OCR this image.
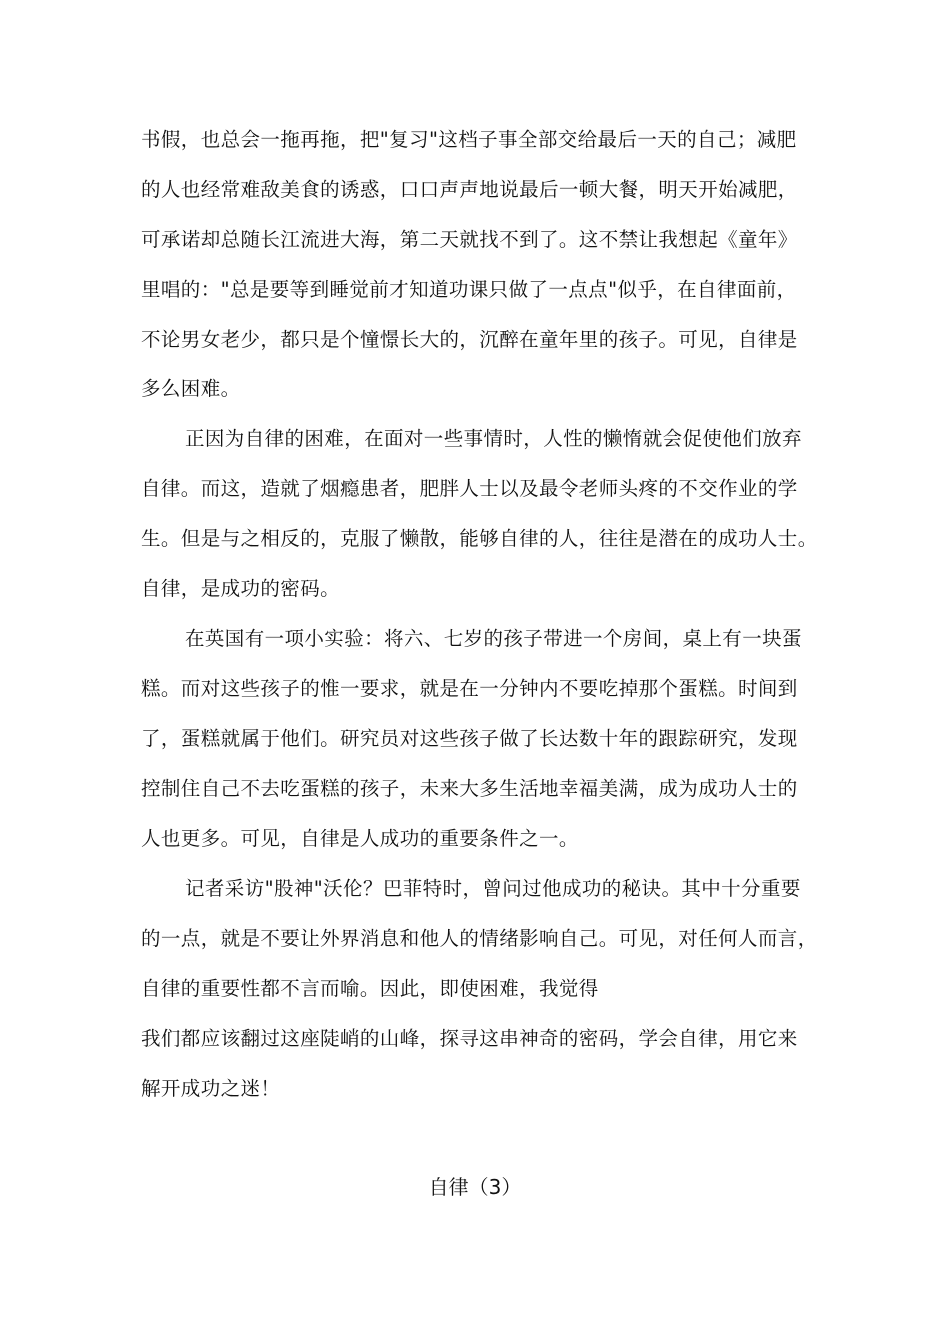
书假，也总会一拖再拖，把"复习"这档子事全部交给最后一天的自己；减肥
的人也经常难敌美食的诱惑，口口声声地说最后一顿大餐，明天开始减肥，
可承诺却总随长江流进大海，第二天就找不到了。这不禁让我想起《童年》
里唱的："总是要等到睡觉前才知道功课只做了一点点"似乎，在自律面前，
不论男女老少，都只是个憧憬长大的，沉醉在童年里的孩子。可见，自律是
多么困难。
正因为自律的困难，在面对一些事情时，人性的懒惰就会促使他们放弃
自律。而这，造就了烟瘾患者，肥胖人士以及最令老师头疼的不交作业的学
生。但是与之相反的，克服了懒散，能够自律的人，往往是潜在的成功人士。
自律，是成功的密码。
在英国有一项小实验：将六、七岁的孩子带进一个房间，桌上有一块蛋
糕。而对这些孩子的惟一要求，就是在一分钟内不要吃掉那个蛋糕。时间到
了，蛋糕就属于他们。研究员对这些孩子做了长达数十年的跟踪研究，发现
控制住自己不去吃蛋糕的孩子，未来大多生活地幸福美满，成为成功人士的
人也更多。可见，自律是人成功的重要条件之一。
记者采访"股神"沃伦？巴菲特时，曾问过他成功的秘诀。其中十分重要
的一点，就是不要让外界消息和他人的情绪影响自己。可见，对任何人而言，
自律的重要性都不言而喻。因此，即使困难，我觉得
我们都应该翻过这座陡峭的山峰，探寻这串神奇的密码，学会自律，用它来
解开成功之迷！
自律（3）
